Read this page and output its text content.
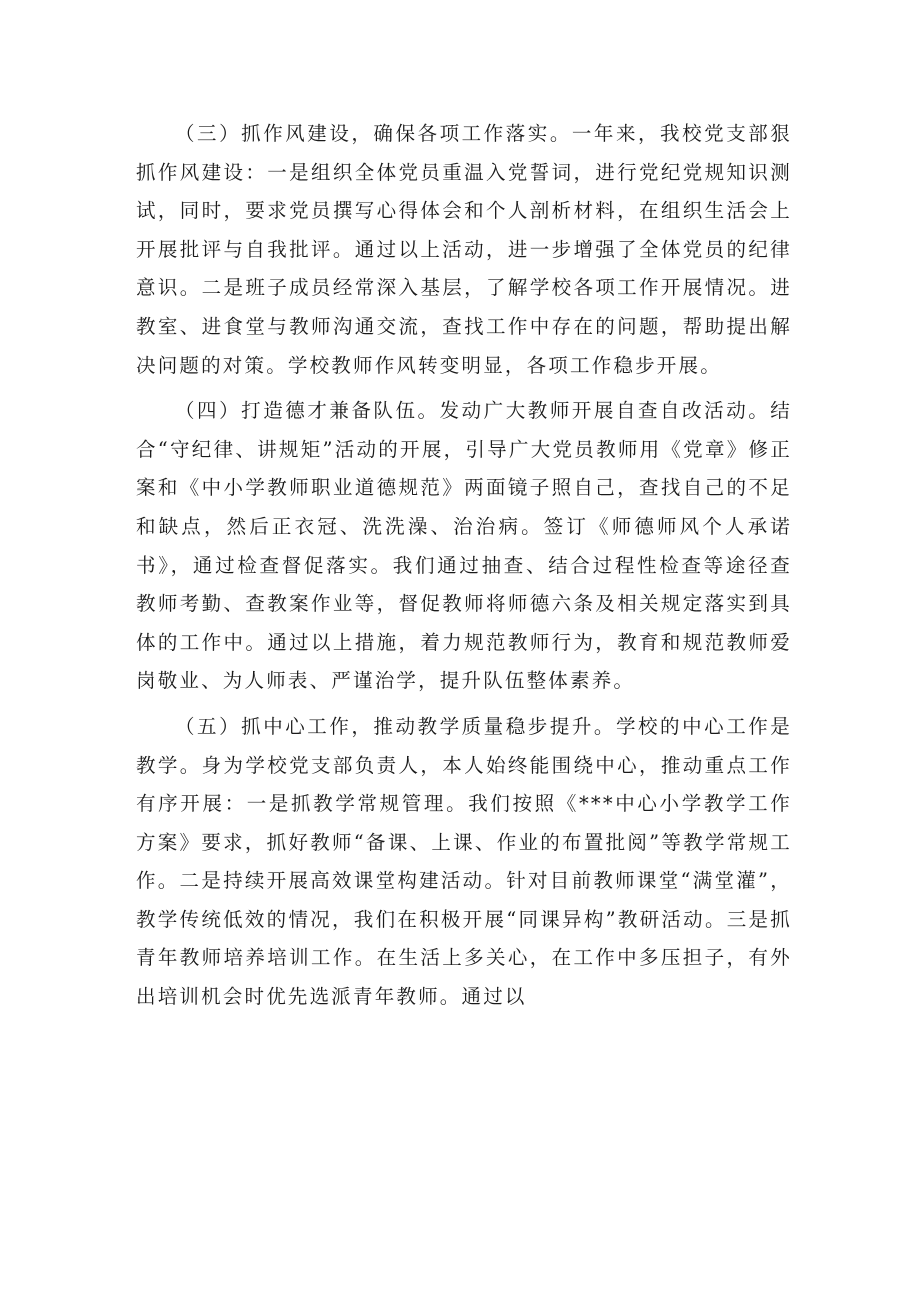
（三）抓作风建设，确保各项工作落实。一年来，我校党支部狠抓作风建设：一是组织全体党员重温入党誓词，进行党纪党规知识测试，同时，要求党员撰写心得体会和个人剖析材料，在组织生活会上开展批评与自我批评。通过以上活动，进一步增强了全体党员的纪律意识。二是班子成员经常深入基层，了解学校各项工作开展情况。进教室、进食堂与教师沟通交流，查找工作中存在的问题，帮助提出解决问题的对策。学校教师作风转变明显，各项工作稳步开展。

（四）打造德才兼备队伍。发动广大教师开展自查自改活动。结合“守纪律、讲规矩”活动的开展，引导广大党员教师用《党章》修正案和《中小学教师职业道德规范》两面镜子照自己，查找自己的不足和缺点，然后正衣冠、洗洗澡、治治病。签订《师德师风个人承诺书》，通过检查督促落实。我们通过抽查、结合过程性检查等途径查教师考勤、查教案作业等，督促教师将师德六条及相关规定落实到具体的工作中。通过以上措施，着力规范教师行为，教育和规范教师爱岗敬业、为人师表、严谨治学，提升队伍整体素养。

（五）抓中心工作，推动教学质量稳步提升。学校的中心工作是教学。身为学校党支部负责人，本人始终能围绕中心，推动重点工作有序开展：一是抓教学常规管理。我们按照《***中心小学教学工作方案》要求，抓好教师“备课、上课、作业的布置批阅”等教学常规工作。二是持续开展高效课堂构建活动。针对目前教师课堂“满堂灌”，教学传统低效的情况，我们在积极开展“同课异构”教研活动。三是抓青年教师培养培训工作。在生活上多关心，在工作中多压担子，有外出培训机会时优先选派青年教师。通过以
